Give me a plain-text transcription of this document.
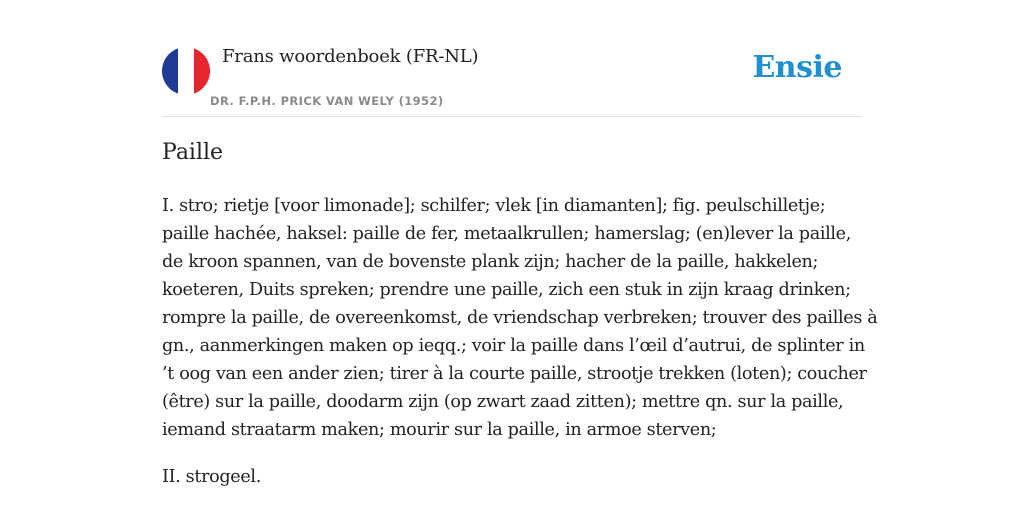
Frans woordenboek (FR-NL)
DR. F.P.H. PRICK VAN WELY (1952)
Ensie
Paille

I. stro; rietje [voor limonade]; schilfer; vlek [in diamanten]; fig. peulschilletje;
paille hachée, haksel: paille de fer, metaalkrullen; hamerslag; (en)lever la paille,
de kroon spannen, van de bovenste plank zijn; hacher de la paille, hakkelen;
koeteren, Duits spreken; prendre une paille, zich een stuk in zijn kraag drinken;
rompre la paille, de overeenkomst, de vriendschap verbreken; trouver des pailles à
gn., aanmerkingen maken op ieqq.; voir la paille dans l’œil d’autrui, de splinter in
’t oog van een ander zien; tirer à la courte paille, strootje trekken (loten); coucher
(être) sur la paille, doodarm zijn (op zwart zaad zitten); mettre qn. sur la paille,
iemand straatarm maken; mourir sur la paille, in armoe sterven;

II. strogeel.
